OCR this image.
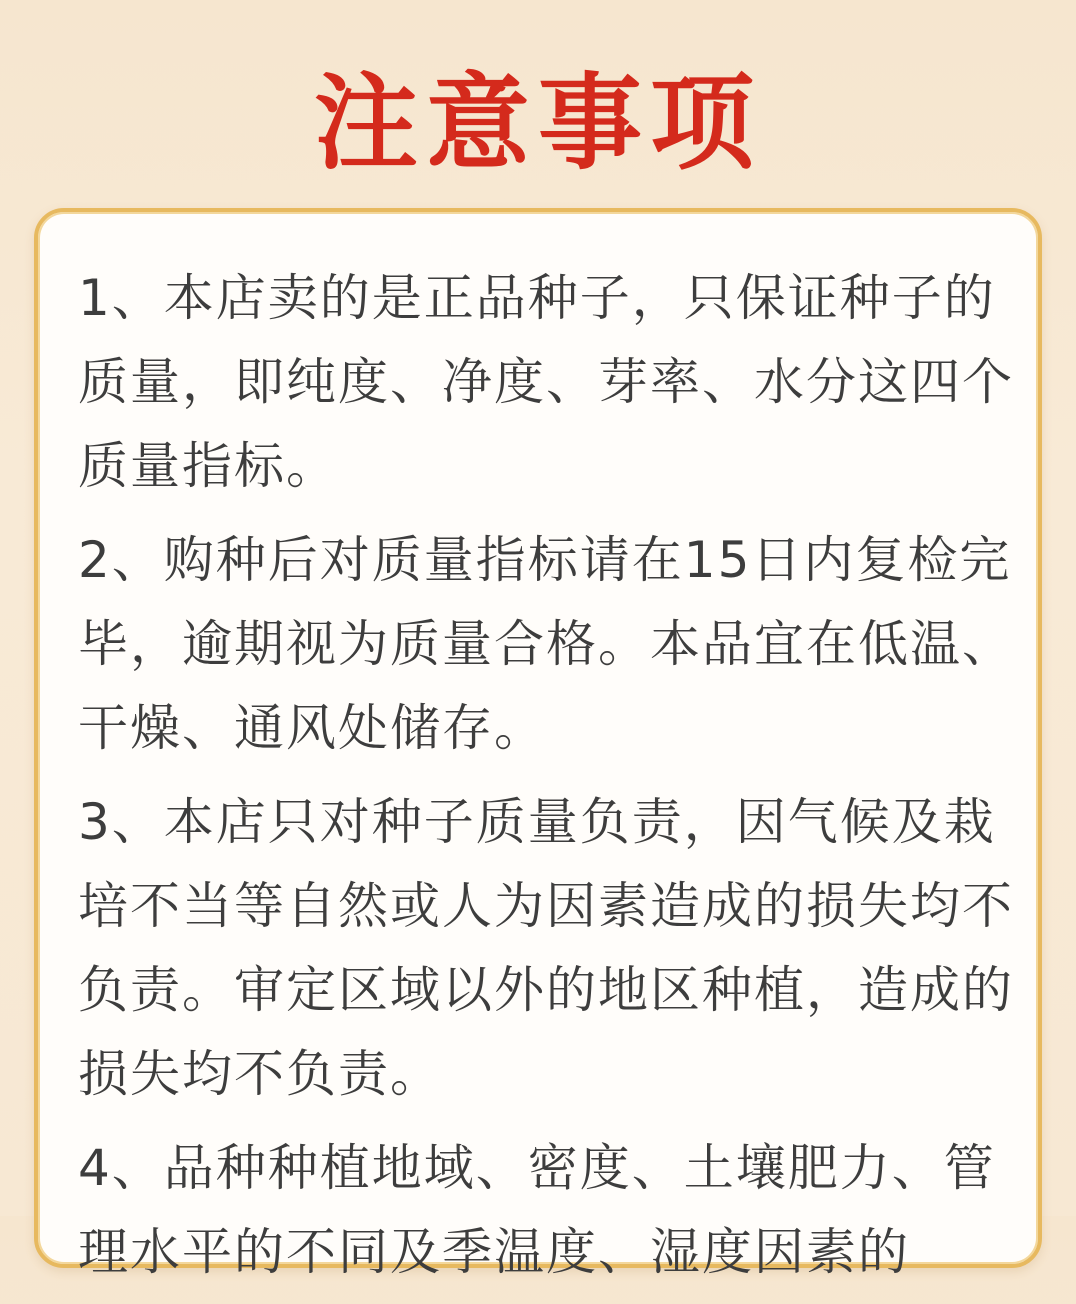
注意事项

1、本店卖的是正品种子，只保证种子的质量，即纯度、净度、芽率、水分这四个质量指标。

2、购种后对质量指标请在15日内复检完毕，逾期视为质量合格。本品宜在低温、干燥、通风处储存。

3、本店只对种子质量负责，因气候及栽培不当等自然或人为因素造成的损失均不负责。审定区域以外的地区种植，造成的损失均不负责。

4、品种种植地域、密度、土壤肥力、管理水平的不同及季温度、湿度因素的
